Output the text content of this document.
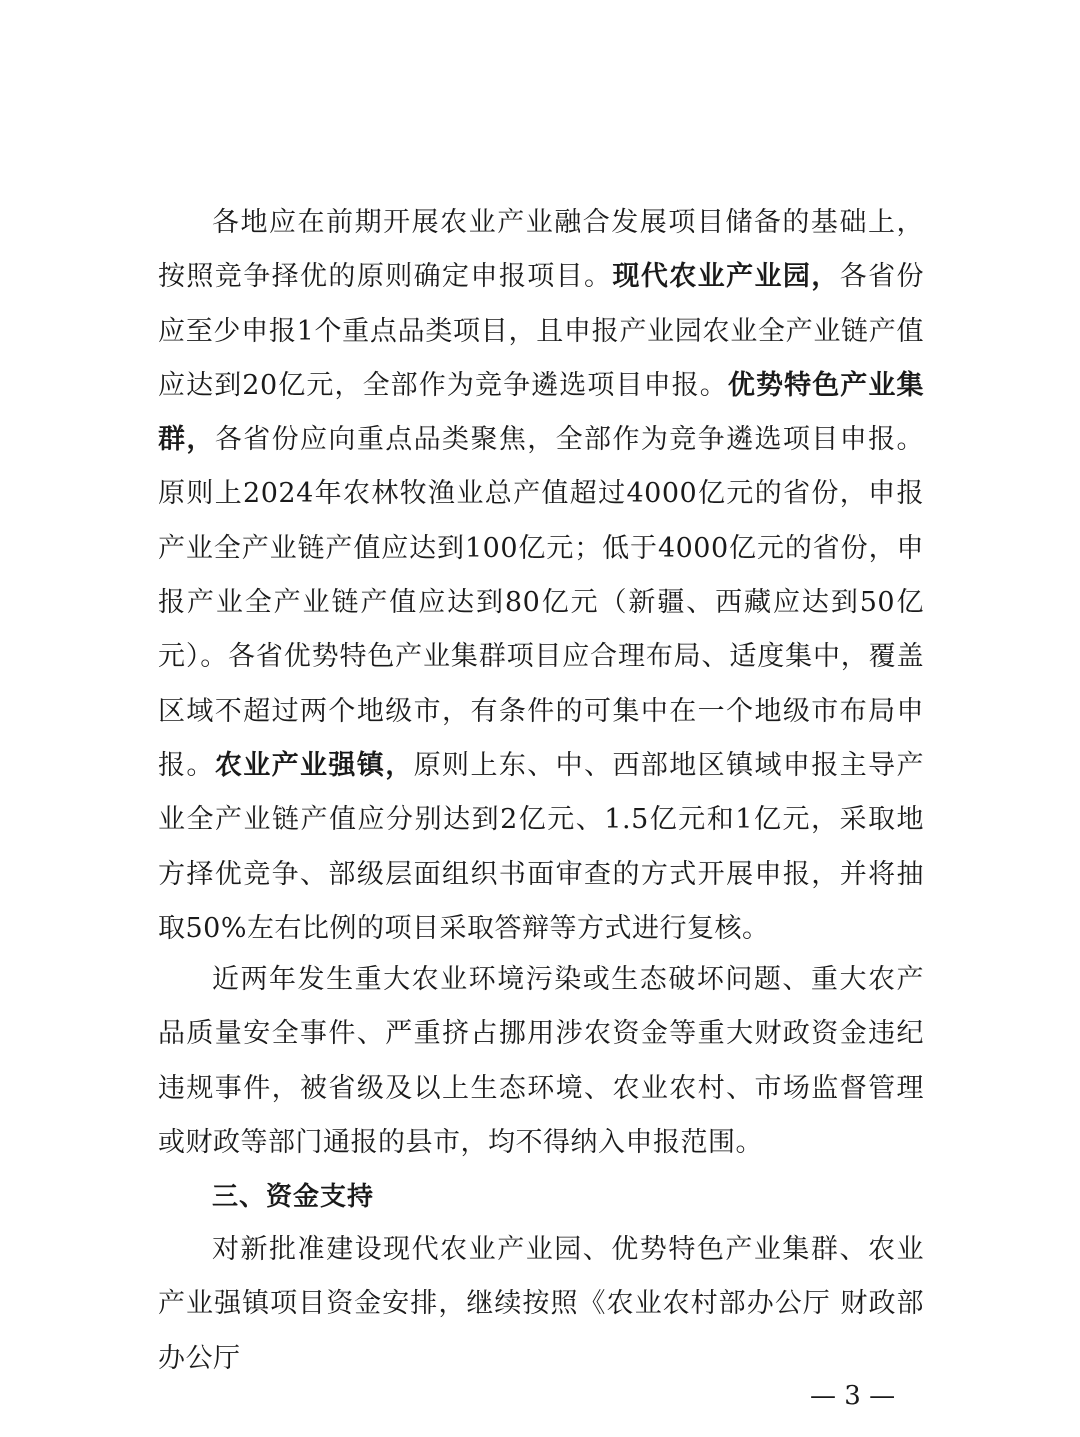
各地应在前期开展农业产业融合发展项目储备的基础上，按照竞争择优的原则确定申报项目。现代农业产业园，各省份应至少申报1个重点品类项目，且申报产业园农业全产业链产值应达到20亿元，全部作为竞争遴选项目申报。优势特色产业集群，各省份应向重点品类聚焦，全部作为竞争遴选项目申报。原则上2024年农林牧渔业总产值超过4000亿元的省份，申报产业全产业链产值应达到100亿元；低于4000亿元的省份，申报产业全产业链产值应达到80亿元（新疆、西藏应达到50亿元）。各省优势特色产业集群项目应合理布局、适度集中，覆盖区域不超过两个地级市，有条件的可集中在一个地级市布局申报。农业产业强镇，原则上东、中、西部地区镇域申报主导产业全产业链产值应分别达到2亿元、1.5亿元和1亿元，采取地方择优竞争、部级层面组织书面审查的方式开展申报，并将抽取50%左右比例的项目采取答辩等方式进行复核。

近两年发生重大农业环境污染或生态破坏问题、重大农产品质量安全事件、严重挤占挪用涉农资金等重大财政资金违纪违规事件，被省级及以上生态环境、农业农村、市场监督管理或财政等部门通报的县市，均不得纳入申报范围。

三、资金支持

对新批准建设现代农业产业园、优势特色产业集群、农业产业强镇项目资金安排，继续按照《农业农村部办公厅 财政部办公厅

— 3 —
